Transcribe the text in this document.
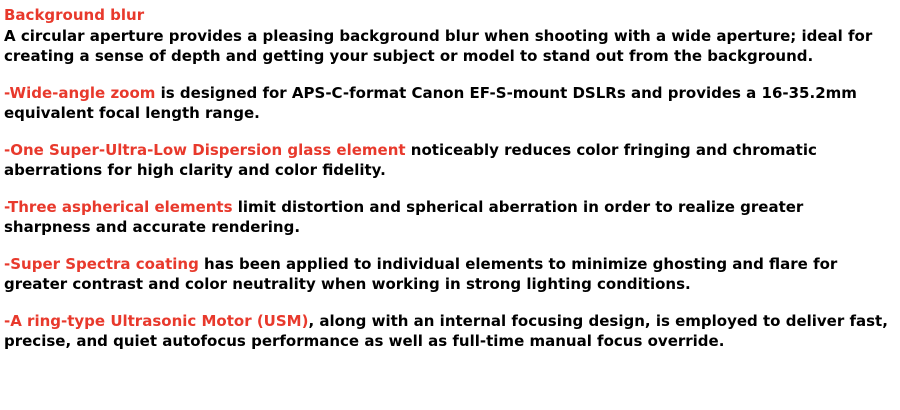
Background blur

A circular aperture provides a pleasing background blur when shooting with a wide aperture; ideal for creating a sense of depth and getting your subject or model to stand out from the background.

-Wide-angle zoom is designed for APS-C-format Canon EF-S-mount DSLRs and provides a 16-35.2mm equivalent focal length range.

-One Super-Ultra-Low Dispersion glass element noticeably reduces color fringing and chromatic aberrations for high clarity and color fidelity.

-Three aspherical elements limit distortion and spherical aberration in order to realize greater sharpness and accurate rendering.

-Super Spectra coating has been applied to individual elements to minimize ghosting and flare for greater contrast and color neutrality when working in strong lighting conditions.

-A ring-type Ultrasonic Motor (USM), along with an internal focusing design, is employed to deliver fast, precise, and quiet autofocus performance as well as full-time manual focus override.
